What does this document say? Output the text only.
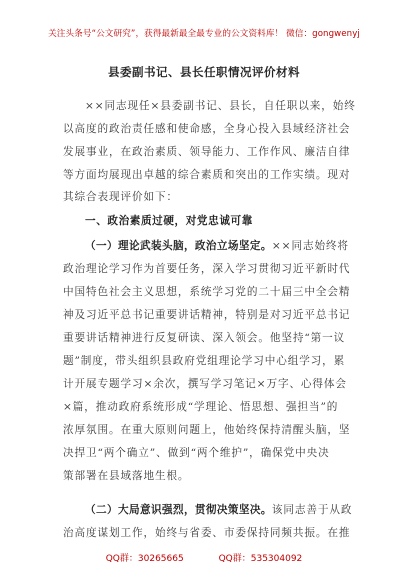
关注头条号“公文研究”，获得最新最全最专业的公文资料库！ 微信：gongwenyj
县委副书记、县长任职情况评价材料
××同志现任×县委副书记、县长，自任职以来，始终
以高度的政治责任感和使命感，全身心投入县域经济社会
发展事业，在政治素质、领导能力、工作作风、廉洁自律
等方面均展现出卓越的综合素质和突出的工作实绩。现对
其综合表现评价如下：
一、政治素质过硬，对党忠诚可靠
（一）理论武装头脑，政治立场坚定。××同志始终将
政治理论学习作为首要任务，深入学习贯彻习近平新时代
中国特色社会主义思想，系统学习党的二十届三中全会精
神及习近平总书记重要讲话精神，特别是对习近平总书记
重要讲话精神进行反复研读、深入领会。他坚持“第一议
题”制度，带头组织县政府党组理论学习中心组学习，累
计开展专题学习×余次，撰写学习笔记×万字、心得体会
×篇，推动政府系统形成“学理论、悟思想、强担当”的
浓厚氛围。在重大原则问题上，他始终保持清醒头脑，坚
决捍卫“两个确立”、做到“两个维护”，确保党中央决
策部署在县域落地生根。
（二）大局意识强烈，贯彻决策坚决。该同志善于从政
治高度谋划工作，始终与省委、市委保持同频共振。在推
QQ群：30265665	QQ群：535304092
